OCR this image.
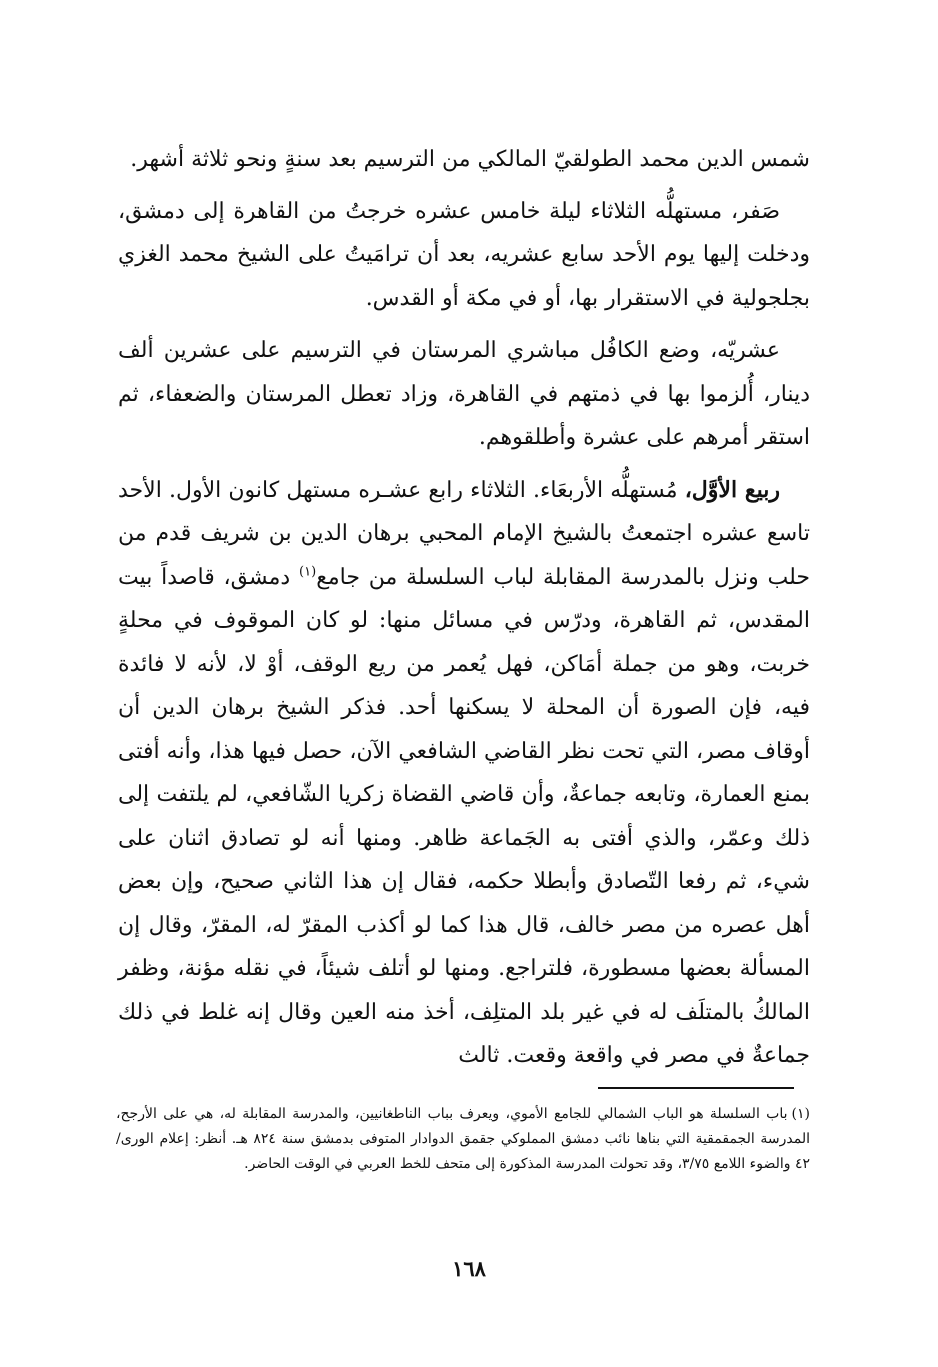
شمس الدين محمد الطولقيّ المالكي من الترسيم بعد سنةٍ ونحو ثلاثة أشهر.

صَفر، مستهلُّه الثلاثاء ليلة خامس عشره خرجتُ من القاهرة إلى دمشق، ودخلت إليها يوم الأحد سابع عشريه، بعد أن ترامَيتُ على الشيخ محمد الغزي بجلجولية في الاستقرار بها، أو في مكة أو القدس.

عشريّه، وضع الكافُل مباشري المرستان في الترسيم على عشرين ألف دينار، أُلزموا بها في ذمتهم في القاهرة، وزاد تعطل المرستان والضعفاء، ثم استقر أمرهم على عشرة وأطلقوهم.

ربيع الأوَّل، مُستهلُّه الأربعَاء. الثلاثاء رابع عشـره مستهل كانون الأول. الأحد تاسع عشره اجتمعتُ بالشيخ الإمام المحبي برهان الدين بن شريف قدم من حلب ونزل بالمدرسة المقابلة لباب السلسلة من جامع$^{(١)}$ دمشق، قاصداً بيت المقدس، ثم القاهرة، ودرّس في مسائل منها: لو كان الموقوف في محلةٍ خربت، وهو من جملة أمَاكن، فهل يُعمر من ريع الوقف، أوْ لا، لأنه لا فائدة فيه، فإن الصورة أن المحلة لا يسكنها أحد. فذكر الشيخ برهان الدين أن أوقاف مصر، التي تحت نظر القاضي الشافعي الآن، حصل فيها هذا، وأنه أفتى بمنع العمارة، وتابعه جماعةٌ، وأن قاضي القضاة زكريا الشّافعي، لم يلتفت إلى ذلك وعمّر، والذي أفتى به الجَماعة ظاهر. ومنها أنه لو تصادق اثنان على شيء، ثم رفعا التّصادق وأبطلا حكمه، فقال إن هذا الثاني صحيح، وإن بعض أهل عصره من مصر خالف، قال هذا كما لو أكذب المقرّ له، المقرّ، وقال إن المسألة بعضها مسطورة، فلتراجع. ومنها لو أتلف شيئاً، في نقله مؤنة، وظفر المالكُ بالمتلَف له في غير بلد المتلِف، أخذ منه العين وقال إنه غلط في ذلك جماعةٌ في مصر في واقعة وقعت. ثالث

(١)باب السلسلة هو الباب الشمالي للجامع الأموي، ويعرف بباب الناطغانيين، والمدرسة المقابلة له، هي على الأرجح، المدرسة الجمقمقية التي بناها نائب دمشق المملوكي جقمق الدوادار المتوفى بدمشق سنة ٨٢٤ هـ. أنظر: إعلام الورى/ ٤٢ والضوء اللامع ٣/٧٥، وقد تحولت المدرسة المذكورة إلى متحف للخط العربي في الوقت الحاضر.

١٦٨
